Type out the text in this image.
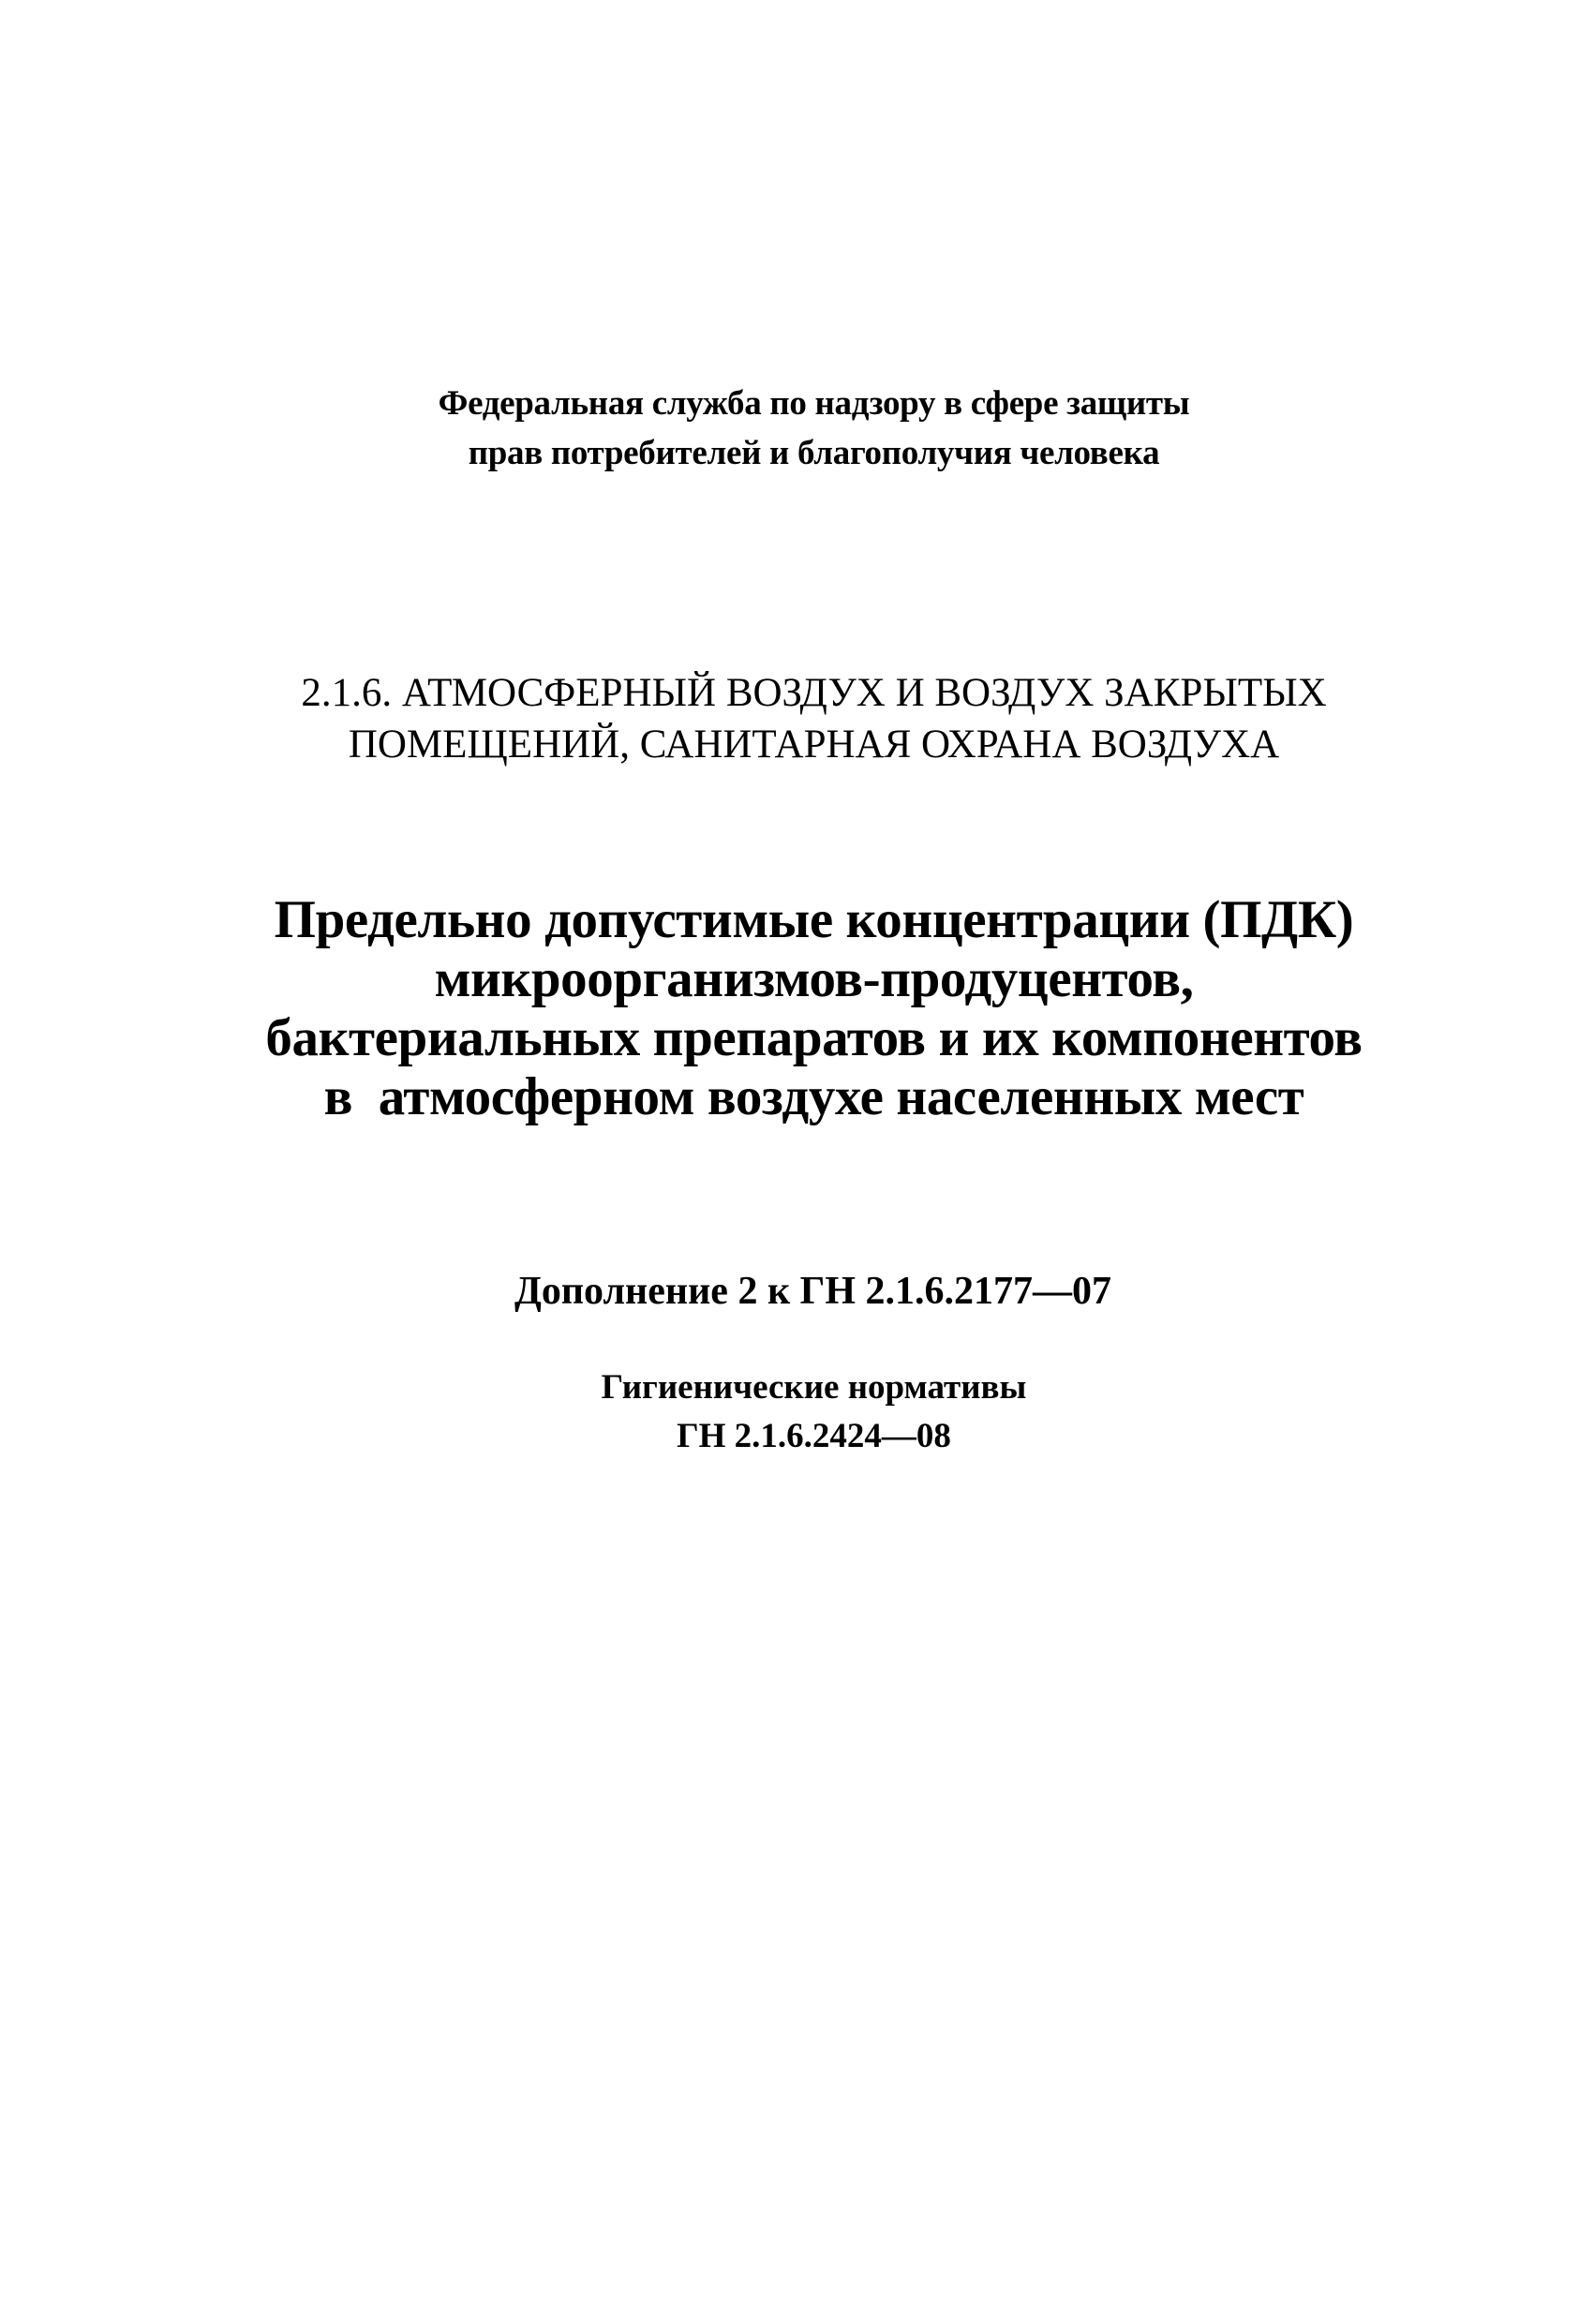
Федеральная служба по надзору в сфере защиты
прав потребителей и благополучия человека
2.1.6. АТМОСФЕРНЫЙ ВОЗДУХ И ВОЗДУХ ЗАКРЫТЫХ
ПОМЕЩЕНИЙ, САНИТАРНАЯ ОХРАНА ВОЗДУХА
Предельно допустимые концентрации (ПДК)
микроорганизмов-продуцентов,
бактериальных препаратов и их компонентов
в  атмосферном воздухе населенных мест
Дополнение 2 к ГН 2.1.6.2177—07
Гигиенические нормативы
ГН 2.1.6.2424—08
